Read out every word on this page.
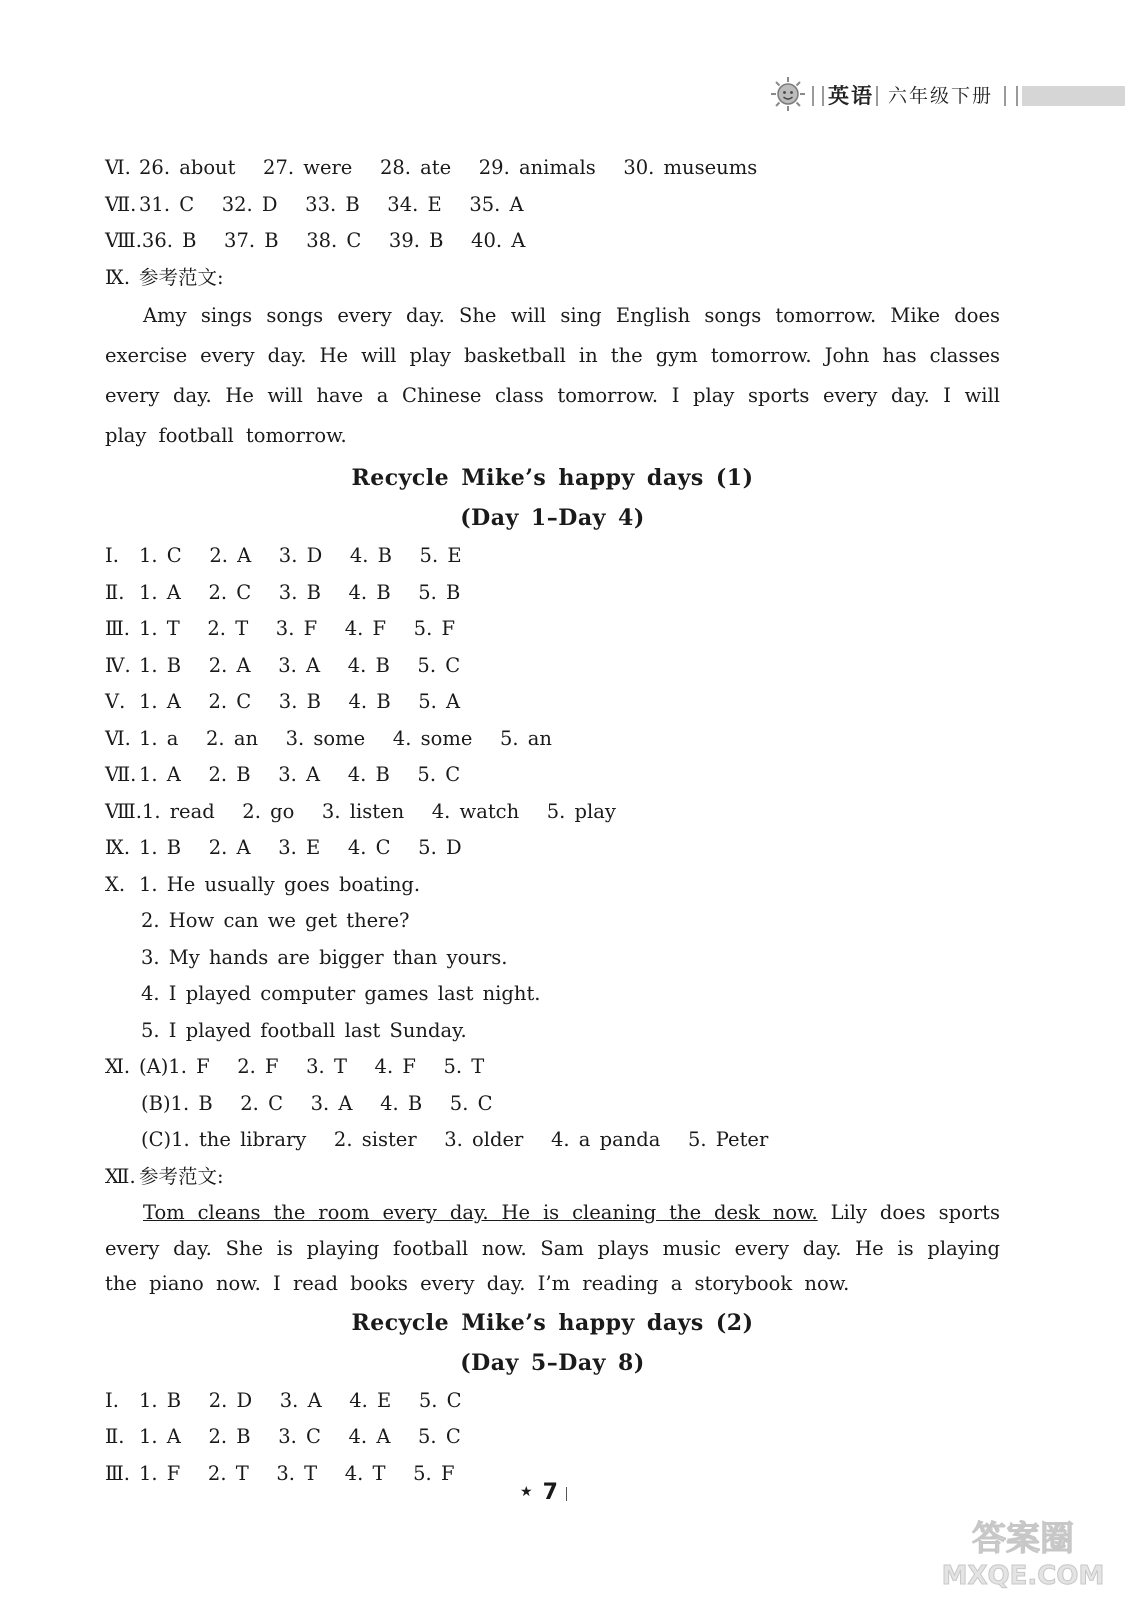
英语 六年级下册
Ⅵ. 26. about   27. were   28. ate   29. animals   30. museums
Ⅶ. 31. C   32. D   33. B   34. E   35. A
Ⅷ.36. B   37. B   38. C   39. B   40. A
Ⅸ. 参考范文:

Amy sings songs every day. She will sing English songs tomorrow. Mike does exercise every day. He will play basketball in the gym tomorrow. John has classes every day. He will have a Chinese class tomorrow. I play sports every day. I will play football tomorrow.

Recycle Mike’s happy days (1)
(Day 1–Day 4)
Ⅰ. 1. C   2. A   3. D   4. B   5. E
Ⅱ. 1. A   2. C   3. B   4. B   5. B
Ⅲ. 1. T   2. T   3. F   4. F   5. F
Ⅳ. 1. B   2. A   3. A   4. B   5. C
Ⅴ. 1. A   2. C   3. B   4. B   5. A
Ⅵ. 1. a   2. an   3. some   4. some   5. an
Ⅶ. 1. A   2. B   3. A   4. B   5. C
Ⅷ.1. read   2. go   3. listen   4. watch   5. play
Ⅸ. 1. B   2. A   3. E   4. C   5. D
Ⅹ. 1. He usually goes boating.
2. How can we get there?
3. My hands are bigger than yours.
4. I played computer games last night.
5. I played football last Sunday.
Ⅺ. (A)1. F   2. F   3. T   4. F   5. T
(B)1. B   2. C   3. A   4. B   5. C
(C)1. the library   2. sister   3. older   4. a panda   5. Peter
Ⅻ. 参考范文:

Tom cleans the room every day. He is cleaning the desk now. Lily does sports every day. She is playing football now. Sam plays music every day. He is playing the piano now. I read books every day. I’m reading a storybook now.

Recycle Mike’s happy days (2)
(Day 5–Day 8)
Ⅰ. 1. B   2. D   3. A   4. E   5. C
Ⅱ. 1. A   2. B   3. C   4. A   5. C
Ⅲ. 1. F   2. T   3. T   4. T   5. F
★ 7
答案圈
MXQE.COM
